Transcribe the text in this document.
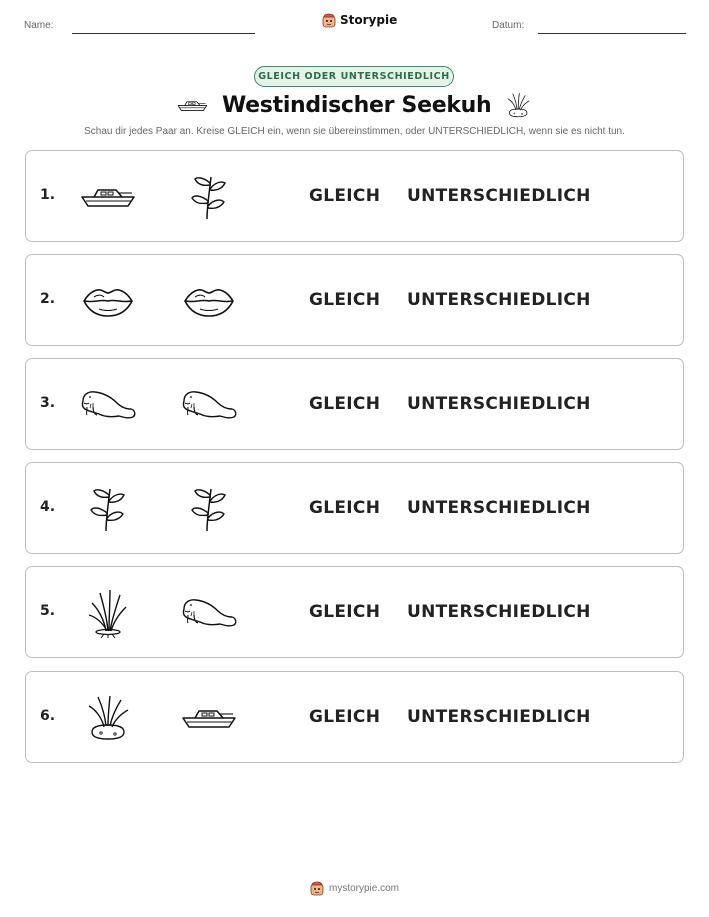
Name:	Storypie	Datum:
GLEICH ODER UNTERSCHIEDLICH
Westindischer Seekuh
Schau dir jedes Paar an. Kreise GLEICH ein, wenn sie übereinstimmen, oder UNTERSCHIEDLICH, wenn sie es nicht tun.
1.	GLEICH UNTERSCHIEDLICH
2.	GLEICH UNTERSCHIEDLICH
3.	GLEICH UNTERSCHIEDLICH
4.	GLEICH UNTERSCHIEDLICH
5.	GLEICH UNTERSCHIEDLICH
6.	GLEICH UNTERSCHIEDLICH
mystorypie.com
